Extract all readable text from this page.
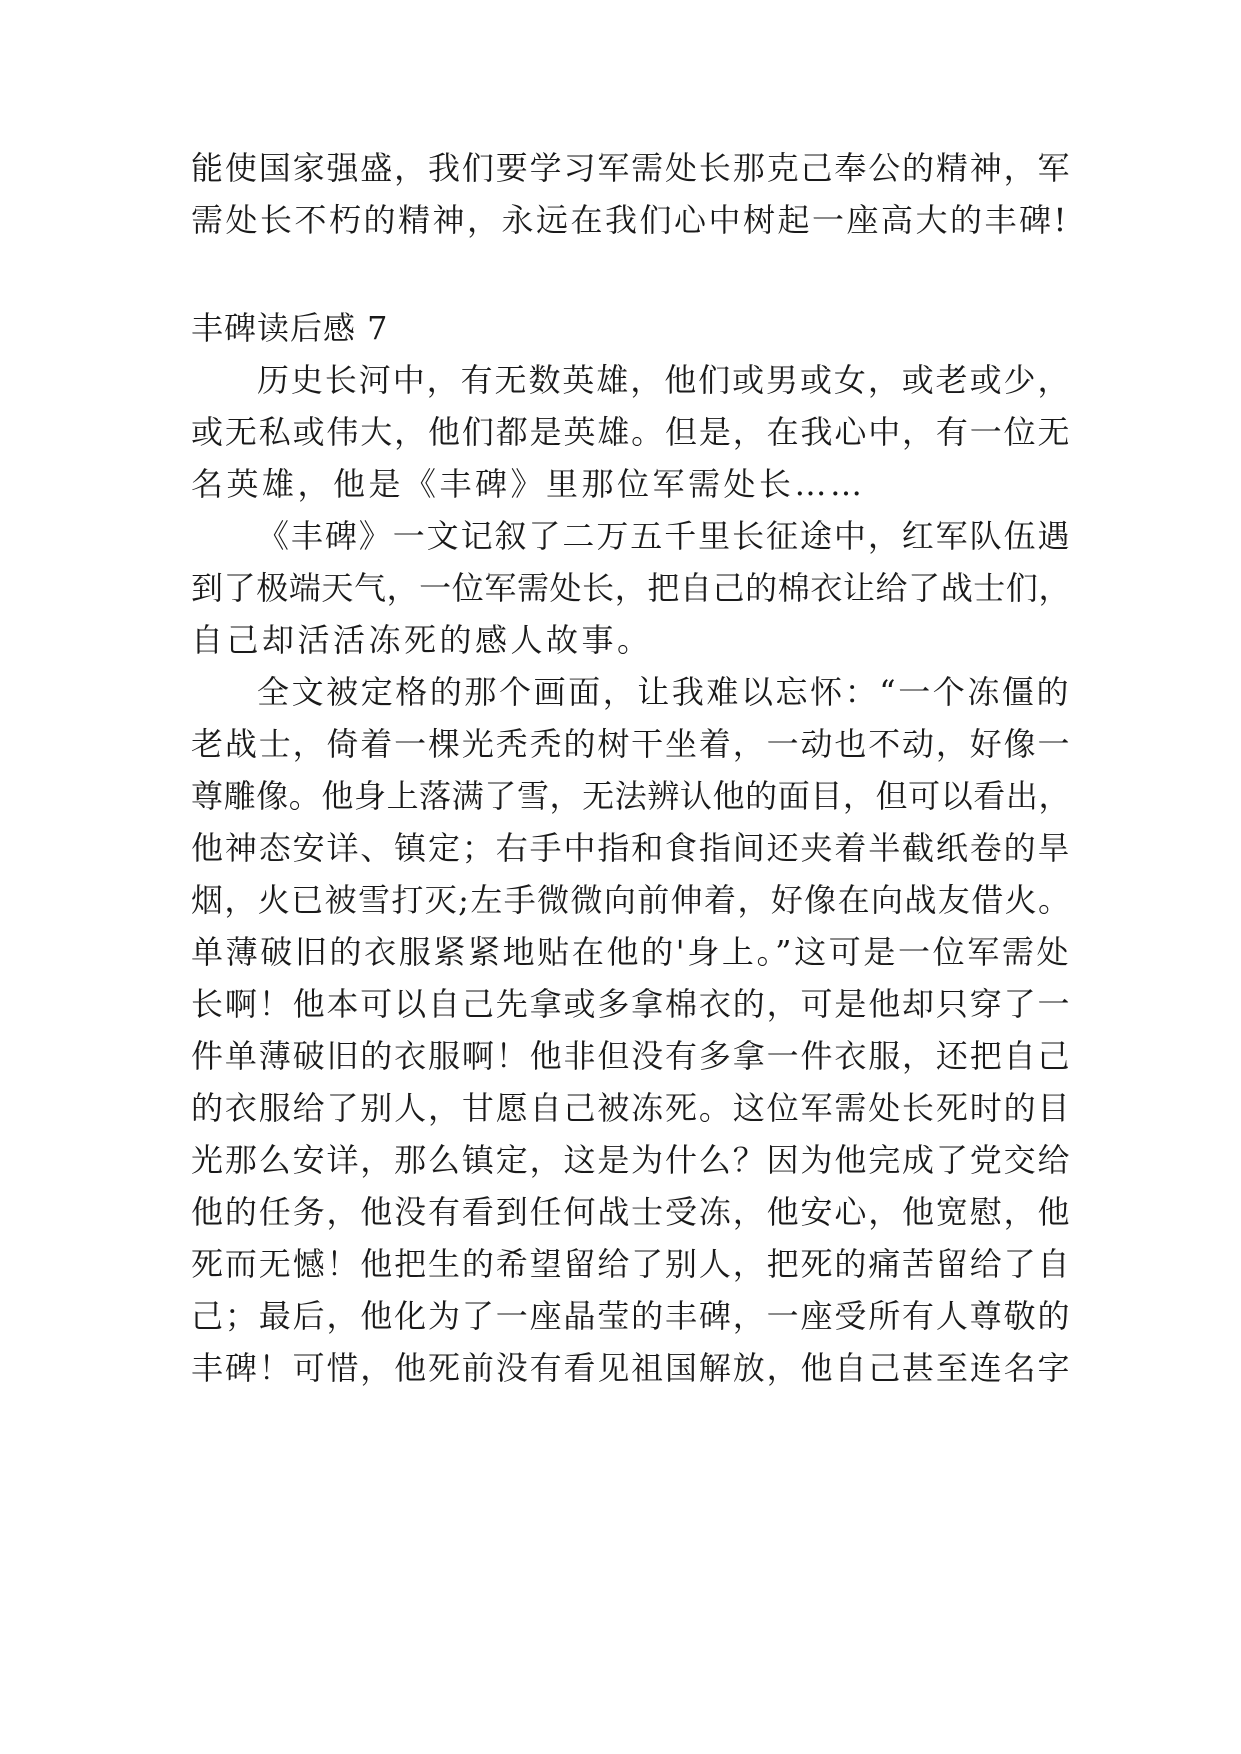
能使国家强盛，我们要学习军需处长那克己奉公的精神，军
需处长不朽的精神，永远在我们心中树起一座高大的丰碑!
丰碑读后感 7
历史长河中，有无数英雄，他们或男或女，或老或少，
或无私或伟大，他们都是英雄。但是，在我心中，有一位无
名英雄，他是《丰碑》里那位军需处长……
《丰碑》一文记叙了二万五千里长征途中，红军队伍遇
到了极端天气，一位军需处长，把自己的棉衣让给了战士们，
自己却活活冻死的感人故事。
全文被定格的那个画面，让我难以忘怀：“一个冻僵的
老战士，倚着一棵光秃秃的树干坐着，一动也不动，好像一
尊雕像。他身上落满了雪，无法辨认他的面目，但可以看出，
他神态安详、镇定；右手中指和食指间还夹着半截纸卷的旱
烟，火已被雪打灭;左手微微向前伸着，好像在向战友借火。
单薄破旧的衣服紧紧地贴在他的'身上。”这可是一位军需处
长啊！他本可以自己先拿或多拿棉衣的，可是他却只穿了一
件单薄破旧的衣服啊！他非但没有多拿一件衣服，还把自己
的衣服给了别人，甘愿自己被冻死。这位军需处长死时的目
光那么安详，那么镇定，这是为什么？因为他完成了党交给
他的任务，他没有看到任何战士受冻，他安心，他宽慰，他
死而无憾！他把生的希望留给了别人，把死的痛苦留给了自
己；最后，他化为了一座晶莹的丰碑，一座受所有人尊敬的
丰碑！可惜，他死前没有看见祖国解放，他自己甚至连名字
